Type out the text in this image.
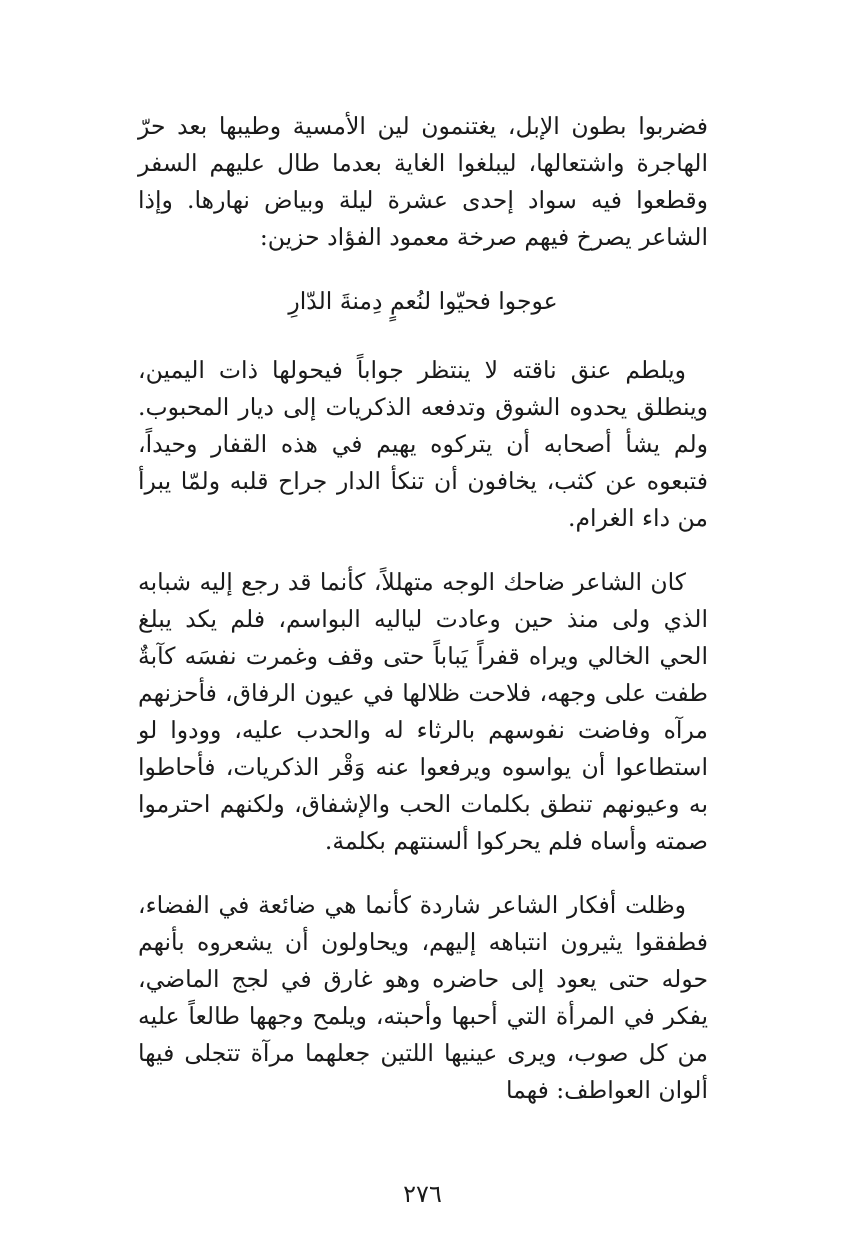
فضربوا بطون الإبل، يغتنمون لين الأمسية وطيبها بعد حرّ الهاجرة واشتعالها، ليبلغوا الغاية بعدما طال عليهم السفر وقطعوا فيه سواد إحدى عشرة ليلة وبياض نهارها. وإذا الشاعر يصرخ فيهم صرخة معمود الفؤاد حزين:

عوجوا فحيّوا لنُعمٍ دِمنةَ الدّارِ

ويلطم عنق ناقته لا ينتظر جواباً فيحولها ذات اليمين، وينطلق يحدوه الشوق وتدفعه الذكريات إلى ديار المحبوب. ولم يشأ أصحابه أن يتركوه يهيم في هذه القفار وحيداً، فتبعوه عن كثب، يخافون أن تنكأ الدار جراح قلبه ولمّا يبرأ من داء الغرام.

كان الشاعر ضاحك الوجه متهللاً، كأنما قد رجع إليه شبابه الذي ولى منذ حين وعادت لياليه البواسم، فلم يكد يبلغ الحي الخالي ويراه قفراً يَباباً حتى وقف وغمرت نفسَه كآبةٌ طفت على وجهه، فلاحت ظلالها في عيون الرفاق، فأحزنهم مرآه وفاضت نفوسهم بالرثاء له والحدب عليه، وودوا لو استطاعوا أن يواسوه ويرفعوا عنه وَقْر الذكريات، فأحاطوا به وعيونهم تنطق بكلمات الحب والإشفاق، ولكنهم احترموا صمته وأساه فلم يحركوا ألسنتهم بكلمة.

وظلت أفكار الشاعر شاردة كأنما هي ضائعة في الفضاء، فطفقوا يثيرون انتباهه إليهم، ويحاولون أن يشعروه بأنهم حوله حتى يعود إلى حاضره وهو غارق في لجج الماضي، يفكر في المرأة التي أحبها وأحبته، ويلمح وجهها طالعاً عليه من كل صوب، ويرى عينيها اللتين جعلهما مرآة تتجلى فيها ألوان العواطف: فهما

٢٧٦
